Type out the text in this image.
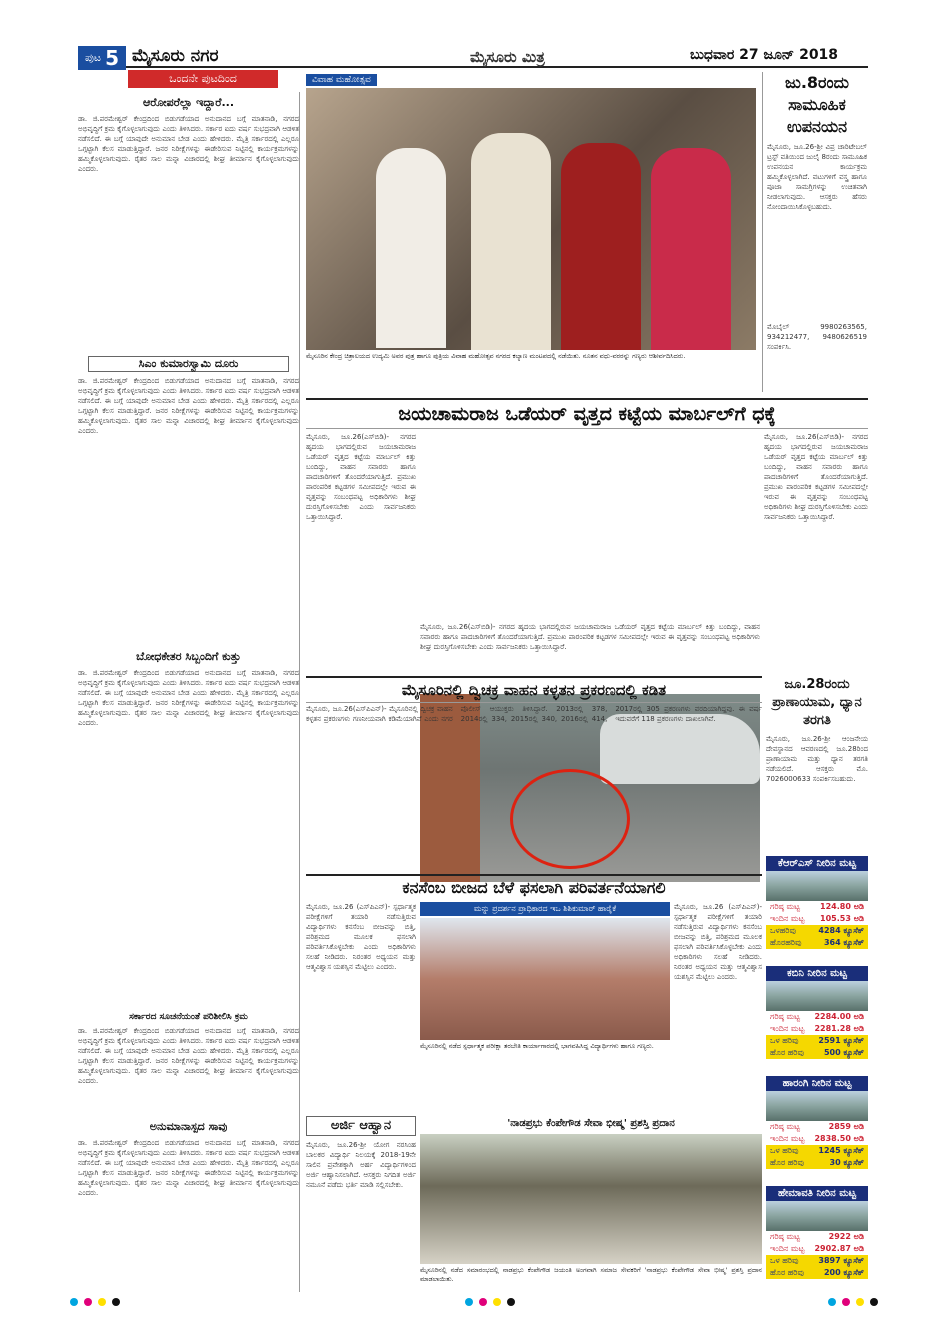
ಪುಟ 5 ಮೈಸೂರು ನಗರ	ಮೈಸೂರು ಮಿತ್ರ	ಬುಧವಾರ 27 ಜೂನ್ 2018
ಒಂದನೇ ಪುಟದಿಂದ
ಆರೋಪರೆಲ್ಲಾ ಇದ್ದಾರೆ...
ಡಾ. ಜಿ.ಪರಮೇಶ್ವರ್ ಕೇಂದ್ರದಿಂದ ಬಿಡುಗಡೆಯಾದ ಅನುದಾನದ ಬಗ್ಗೆ ಮಾತನಾಡಿ, ನಗರದ ಅಭಿವೃದ್ಧಿಗೆ ಕ್ರಮ ಕೈಗೊಳ್ಳಲಾಗುವುದು ಎಂದು ತಿಳಿಸಿದರು. ಸರ್ಕಾರ ಐದು ವರ್ಷ ಸುಭದ್ರವಾಗಿ ಆಡಳಿತ ನಡೆಸಲಿದೆ. ಈ ಬಗ್ಗೆ ಯಾವುದೇ ಅನುಮಾನ ಬೇಡ ಎಂದು ಹೇಳಿದರು. ಮೈತ್ರಿ ಸರ್ಕಾರದಲ್ಲಿ ಎಲ್ಲರೂ ಒಗ್ಗಟ್ಟಾಗಿ ಕೆಲಸ ಮಾಡುತ್ತಿದ್ದಾರೆ. ಜನರ ನಿರೀಕ್ಷೆಗಳನ್ನು ಈಡೇರಿಸುವ ನಿಟ್ಟಿನಲ್ಲಿ ಕಾರ್ಯಕ್ರಮಗಳನ್ನು ಹಮ್ಮಿಕೊಳ್ಳಲಾಗುವುದು. ರೈತರ ಸಾಲ ಮನ್ನಾ ವಿಚಾರದಲ್ಲಿ ಶೀಘ್ರ ತೀರ್ಮಾನ ಕೈಗೊಳ್ಳಲಾಗುವುದು ಎಂದರು.
ಸಿಎಂ ಕುಮಾರಸ್ವಾಮಿ ದೂರು
ಡಾ. ಜಿ.ಪರಮೇಶ್ವರ್ ಕೇಂದ್ರದಿಂದ ಬಿಡುಗಡೆಯಾದ ಅನುದಾನದ ಬಗ್ಗೆ ಮಾತನಾಡಿ, ನಗರದ ಅಭಿವೃದ್ಧಿಗೆ ಕ್ರಮ ಕೈಗೊಳ್ಳಲಾಗುವುದು ಎಂದು ತಿಳಿಸಿದರು. ಸರ್ಕಾರ ಐದು ವರ್ಷ ಸುಭದ್ರವಾಗಿ ಆಡಳಿತ ನಡೆಸಲಿದೆ. ಈ ಬಗ್ಗೆ ಯಾವುದೇ ಅನುಮಾನ ಬೇಡ ಎಂದು ಹೇಳಿದರು. ಮೈತ್ರಿ ಸರ್ಕಾರದಲ್ಲಿ ಎಲ್ಲರೂ ಒಗ್ಗಟ್ಟಾಗಿ ಕೆಲಸ ಮಾಡುತ್ತಿದ್ದಾರೆ. ಜನರ ನಿರೀಕ್ಷೆಗಳನ್ನು ಈಡೇರಿಸುವ ನಿಟ್ಟಿನಲ್ಲಿ ಕಾರ್ಯಕ್ರಮಗಳನ್ನು ಹಮ್ಮಿಕೊಳ್ಳಲಾಗುವುದು. ರೈತರ ಸಾಲ ಮನ್ನಾ ವಿಚಾರದಲ್ಲಿ ಶೀಘ್ರ ತೀರ್ಮಾನ ಕೈಗೊಳ್ಳಲಾಗುವುದು ಎಂದರು.
ಬೋಧಕೇತರ ಸಿಬ್ಬಂದಿಗೆ ಕುತ್ತು
ಡಾ. ಜಿ.ಪರಮೇಶ್ವರ್ ಕೇಂದ್ರದಿಂದ ಬಿಡುಗಡೆಯಾದ ಅನುದಾನದ ಬಗ್ಗೆ ಮಾತನಾಡಿ, ನಗರದ ಅಭಿವೃದ್ಧಿಗೆ ಕ್ರಮ ಕೈಗೊಳ್ಳಲಾಗುವುದು ಎಂದು ತಿಳಿಸಿದರು. ಸರ್ಕಾರ ಐದು ವರ್ಷ ಸುಭದ್ರವಾಗಿ ಆಡಳಿತ ನಡೆಸಲಿದೆ. ಈ ಬಗ್ಗೆ ಯಾವುದೇ ಅನುಮಾನ ಬೇಡ ಎಂದು ಹೇಳಿದರು. ಮೈತ್ರಿ ಸರ್ಕಾರದಲ್ಲಿ ಎಲ್ಲರೂ ಒಗ್ಗಟ್ಟಾಗಿ ಕೆಲಸ ಮಾಡುತ್ತಿದ್ದಾರೆ. ಜನರ ನಿರೀಕ್ಷೆಗಳನ್ನು ಈಡೇರಿಸುವ ನಿಟ್ಟಿನಲ್ಲಿ ಕಾರ್ಯಕ್ರಮಗಳನ್ನು ಹಮ್ಮಿಕೊಳ್ಳಲಾಗುವುದು. ರೈತರ ಸಾಲ ಮನ್ನಾ ವಿಚಾರದಲ್ಲಿ ಶೀಘ್ರ ತೀರ್ಮಾನ ಕೈಗೊಳ್ಳಲಾಗುವುದು ಎಂದರು.
ಸರ್ಕಾರದ ಸೂಚನೆಯಂತೆ ಪರಿಶೀಲಿಸಿ ಕ್ರಮ
ಡಾ. ಜಿ.ಪರಮೇಶ್ವರ್ ಕೇಂದ್ರದಿಂದ ಬಿಡುಗಡೆಯಾದ ಅನುದಾನದ ಬಗ್ಗೆ ಮಾತನಾಡಿ, ನಗರದ ಅಭಿವೃದ್ಧಿಗೆ ಕ್ರಮ ಕೈಗೊಳ್ಳಲಾಗುವುದು ಎಂದು ತಿಳಿಸಿದರು. ಸರ್ಕಾರ ಐದು ವರ್ಷ ಸುಭದ್ರವಾಗಿ ಆಡಳಿತ ನಡೆಸಲಿದೆ. ಈ ಬಗ್ಗೆ ಯಾವುದೇ ಅನುಮಾನ ಬೇಡ ಎಂದು ಹೇಳಿದರು. ಮೈತ್ರಿ ಸರ್ಕಾರದಲ್ಲಿ ಎಲ್ಲರೂ ಒಗ್ಗಟ್ಟಾಗಿ ಕೆಲಸ ಮಾಡುತ್ತಿದ್ದಾರೆ. ಜನರ ನಿರೀಕ್ಷೆಗಳನ್ನು ಈಡೇರಿಸುವ ನಿಟ್ಟಿನಲ್ಲಿ ಕಾರ್ಯಕ್ರಮಗಳನ್ನು ಹಮ್ಮಿಕೊಳ್ಳಲಾಗುವುದು. ರೈತರ ಸಾಲ ಮನ್ನಾ ವಿಚಾರದಲ್ಲಿ ಶೀಘ್ರ ತೀರ್ಮಾನ ಕೈಗೊಳ್ಳಲಾಗುವುದು ಎಂದರು.
ಅನುಮಾನಾಸ್ಪದ ಸಾವು
ಡಾ. ಜಿ.ಪರಮೇಶ್ವರ್ ಕೇಂದ್ರದಿಂದ ಬಿಡುಗಡೆಯಾದ ಅನುದಾನದ ಬಗ್ಗೆ ಮಾತನಾಡಿ, ನಗರದ ಅಭಿವೃದ್ಧಿಗೆ ಕ್ರಮ ಕೈಗೊಳ್ಳಲಾಗುವುದು ಎಂದು ತಿಳಿಸಿದರು. ಸರ್ಕಾರ ಐದು ವರ್ಷ ಸುಭದ್ರವಾಗಿ ಆಡಳಿತ ನಡೆಸಲಿದೆ. ಈ ಬಗ್ಗೆ ಯಾವುದೇ ಅನುಮಾನ ಬೇಡ ಎಂದು ಹೇಳಿದರು. ಮೈತ್ರಿ ಸರ್ಕಾರದಲ್ಲಿ ಎಲ್ಲರೂ ಒಗ್ಗಟ್ಟಾಗಿ ಕೆಲಸ ಮಾಡುತ್ತಿದ್ದಾರೆ. ಜನರ ನಿರೀಕ್ಷೆಗಳನ್ನು ಈಡೇರಿಸುವ ನಿಟ್ಟಿನಲ್ಲಿ ಕಾರ್ಯಕ್ರಮಗಳನ್ನು ಹಮ್ಮಿಕೊಳ್ಳಲಾಗುವುದು. ರೈತರ ಸಾಲ ಮನ್ನಾ ವಿಚಾರದಲ್ಲಿ ಶೀಘ್ರ ತೀರ್ಮಾನ ಕೈಗೊಳ್ಳಲಾಗುವುದು ಎಂದರು.
ವಿವಾಹ ಮಹೋತ್ಸವ
ಮೈಸೂರಿನ ಕೇಂದ್ರ ಚಿತ್ರಾಲಯದ ಉದ್ಯಮಿ ಅವರ ಪುತ್ರ ಹಾಗೂ ಪುತ್ರಿಯ ವಿವಾಹ ಮಹೋತ್ಸವ ನಗರದ ಕಲ್ಯಾಣ ಮಂಟಪದಲ್ಲಿ ನಡೆಯಿತು. ನೂತನ ವಧು-ವರರನ್ನು ಗಣ್ಯರು ಆಶೀರ್ವದಿಸಿದರು.
ಜು.8ರಂದು ಸಾಮೂಹಿಕ ಉಪನಯನ
ಮೈಸೂರು, ಜೂ.26-ಶ್ರೀ ವಿಪ್ರ ಚಾರಿಟೇಬಲ್ ಟ್ರಸ್ಟ್ ವತಿಯಿಂದ ಜುಲೈ 8ರಂದು ಸಾಮೂಹಿಕ ಉಪನಯನ ಕಾರ್ಯಕ್ರಮ ಹಮ್ಮಿಕೊಳ್ಳಲಾಗಿದೆ. ವಟುಗಳಿಗೆ ವಸ್ತ್ರ ಹಾಗೂ ಪೂಜಾ ಸಾಮಗ್ರಿಗಳನ್ನು ಉಚಿತವಾಗಿ ನೀಡಲಾಗುವುದು. ಆಸಕ್ತರು ಹೆಸರು ನೋಂದಾಯಿಸಿಕೊಳ್ಳಬಹುದು.
ಮೊಬೈಲ್ 9980263565, 934212477, 9480626519 ಸಂಪರ್ಕಿಸಿ.
ಜಯಚಾಮರಾಜ ಒಡೆಯರ್ ವೃತ್ತದ ಕಟ್ಟೆಯ ಮಾರ್ಬಲ್‌ಗೆ ಧಕ್ಕೆ
ಮೈಸೂರು, ಜೂ.26(ಎಸ್‌ಬಿಡಿ)- ನಗರದ ಹೃದಯ ಭಾಗದಲ್ಲಿರುವ ಜಯಚಾಮರಾಜ ಒಡೆಯರ್ ವೃತ್ತದ ಕಟ್ಟೆಯ ಮಾರ್ಬಲ್ ಕಿತ್ತು ಬಂದಿದ್ದು, ವಾಹನ ಸವಾರರು ಹಾಗೂ ಪಾದಚಾರಿಗಳಿಗೆ ತೊಂದರೆಯಾಗುತ್ತಿದೆ. ಪ್ರಮುಖ ಪಾರಂಪರಿಕ ಕಟ್ಟಡಗಳ ಸಮೀಪದಲ್ಲೇ ಇರುವ ಈ ವೃತ್ತವನ್ನು ಸಂಬಂಧಪಟ್ಟ ಅಧಿಕಾರಿಗಳು ಶೀಘ್ರ ದುರಸ್ತಿಗೊಳಿಸಬೇಕು ಎಂದು ಸಾರ್ವಜನಿಕರು ಒತ್ತಾಯಿಸಿದ್ದಾರೆ.
ಮೈಸೂರು, ಜೂ.26(ಎಸ್‌ಬಿಡಿ)- ನಗರದ ಹೃದಯ ಭಾಗದಲ್ಲಿರುವ ಜಯಚಾಮರಾಜ ಒಡೆಯರ್ ವೃತ್ತದ ಕಟ್ಟೆಯ ಮಾರ್ಬಲ್ ಕಿತ್ತು ಬಂದಿದ್ದು, ವಾಹನ ಸವಾರರು ಹಾಗೂ ಪಾದಚಾರಿಗಳಿಗೆ ತೊಂದರೆಯಾಗುತ್ತಿದೆ. ಪ್ರಮುಖ ಪಾರಂಪರಿಕ ಕಟ್ಟಡಗಳ ಸಮೀಪದಲ್ಲೇ ಇರುವ ಈ ವೃತ್ತವನ್ನು ಸಂಬಂಧಪಟ್ಟ ಅಧಿಕಾರಿಗಳು ಶೀಘ್ರ ದುರಸ್ತಿಗೊಳಿಸಬೇಕು ಎಂದು ಸಾರ್ವಜನಿಕರು ಒತ್ತಾಯಿಸಿದ್ದಾರೆ.
ಮೈಸೂರು, ಜೂ.26(ಎಸ್‌ಬಿಡಿ)- ನಗರದ ಹೃದಯ ಭಾಗದಲ್ಲಿರುವ ಜಯಚಾಮರಾಜ ಒಡೆಯರ್ ವೃತ್ತದ ಕಟ್ಟೆಯ ಮಾರ್ಬಲ್ ಕಿತ್ತು ಬಂದಿದ್ದು, ವಾಹನ ಸವಾರರು ಹಾಗೂ ಪಾದಚಾರಿಗಳಿಗೆ ತೊಂದರೆಯಾಗುತ್ತಿದೆ. ಪ್ರಮುಖ ಪಾರಂಪರಿಕ ಕಟ್ಟಡಗಳ ಸಮೀಪದಲ್ಲೇ ಇರುವ ಈ ವೃತ್ತವನ್ನು ಸಂಬಂಧಪಟ್ಟ ಅಧಿಕಾರಿಗಳು ಶೀಘ್ರ ದುರಸ್ತಿಗೊಳಿಸಬೇಕು ಎಂದು ಸಾರ್ವಜನಿಕರು ಒತ್ತಾಯಿಸಿದ್ದಾರೆ.
ಮೈಸೂರಿನಲ್ಲಿ ದ್ವಿಚಕ್ರ ವಾಹನ ಕಳ್ಳತನ ಪ್ರಕರಣದಲ್ಲಿ ಕಡಿತ
ಮೈಸೂರು, ಜೂ.26(ಎಸ್‌ಪಿಎನ್)- ಮೈಸೂರಿನಲ್ಲಿ ದ್ವಿಚಕ್ರ ವಾಹನ ಕಳ್ಳತನ ಪ್ರಕರಣಗಳು ಗಣನೀಯವಾಗಿ ಕಡಿಮೆಯಾಗಿವೆ ಎಂದು ನಗರ ಪೊಲೀಸ್ ಆಯುಕ್ತರು ತಿಳಿಸಿದ್ದಾರೆ. 2013ರಲ್ಲಿ 378, 2014ರಲ್ಲಿ 334, 2015ರಲ್ಲಿ 340, 2016ರಲ್ಲಿ 414, 2017ರಲ್ಲಿ 305 ಪ್ರಕರಣಗಳು ವರದಿಯಾಗಿದ್ದವು. ಈ ವರ್ಷ ಇದುವರೆಗೆ 118 ಪ್ರಕರಣಗಳು ದಾಖಲಾಗಿವೆ.
ಜೂ.28ರಂದು ಪ್ರಾಣಾಯಾಮ, ಧ್ಯಾನ ತರಗತಿ
ಮೈಸೂರು, ಜೂ.26-ಶ್ರೀ ಆಂಜನೇಯ ದೇವಸ್ಥಾನದ ಆವರಣದಲ್ಲಿ ಜೂ.28ರಿಂದ ಪ್ರಾಣಾಯಾಮ ಮತ್ತು ಧ್ಯಾನ ತರಗತಿ ನಡೆಯಲಿದೆ. ಆಸಕ್ತರು ಮೊ. 7026000633 ಸಂಪರ್ಕಿಸಬಹುದು.
ಕನಸೆಂಬ ಬೀಜದ ಬೆಳೆ ಫಸಲಾಗಿ ಪರಿವರ್ತನೆಯಾಗಲಿ
ಮೈಸೂರು, ಜೂ.26 (ಎಸ್‌ಪಿಎನ್)- ಸ್ಪರ್ಧಾತ್ಮಕ ಪರೀಕ್ಷೆಗಳಿಗೆ ತಯಾರಿ ನಡೆಸುತ್ತಿರುವ ವಿದ್ಯಾರ್ಥಿಗಳು ಕನಸೆಂಬ ಬೀಜವನ್ನು ಬಿತ್ತಿ, ಪರಿಶ್ರಮದ ಮೂಲಕ ಫಸಲಾಗಿ ಪರಿವರ್ತಿಸಿಕೊಳ್ಳಬೇಕು ಎಂದು ಅಧಿಕಾರಿಗಳು ಸಲಹೆ ನೀಡಿದರು. ನಿರಂತರ ಅಧ್ಯಯನ ಮತ್ತು ಆತ್ಮವಿಶ್ವಾಸ ಯಶಸ್ಸಿನ ಮೆಟ್ಟಿಲು ಎಂದರು.
ಮನ್ನು ಪ್ರದರ್ಶನ ಪ್ರಾಧಿಕಾರದ ಇಒ ಶಿಶಿಕುಮಾರ್ ಹಾರೈಕೆ
ಮೈಸೂರಿನಲ್ಲಿ ನಡೆದ ಸ್ಪರ್ಧಾತ್ಮಕ ಪರೀಕ್ಷಾ ತರಬೇತಿ ಕಾರ್ಯಾಗಾರದಲ್ಲಿ ಭಾಗವಹಿಸಿದ್ದ ವಿದ್ಯಾರ್ಥಿಗಳು ಹಾಗೂ ಗಣ್ಯರು.
ಮೈಸೂರು, ಜೂ.26 (ಎಸ್‌ಪಿಎನ್)- ಸ್ಪರ್ಧಾತ್ಮಕ ಪರೀಕ್ಷೆಗಳಿಗೆ ತಯಾರಿ ನಡೆಸುತ್ತಿರುವ ವಿದ್ಯಾರ್ಥಿಗಳು ಕನಸೆಂಬ ಬೀಜವನ್ನು ಬಿತ್ತಿ, ಪರಿಶ್ರಮದ ಮೂಲಕ ಫಸಲಾಗಿ ಪರಿವರ್ತಿಸಿಕೊಳ್ಳಬೇಕು ಎಂದು ಅಧಿಕಾರಿಗಳು ಸಲಹೆ ನೀಡಿದರು. ನಿರಂತರ ಅಧ್ಯಯನ ಮತ್ತು ಆತ್ಮವಿಶ್ವಾಸ ಯಶಸ್ಸಿನ ಮೆಟ್ಟಿಲು ಎಂದರು.
ಅರ್ಜಿ ಆಹ್ವಾನ
ಮೈಸೂರು, ಜೂ.26-ಶ್ರೀ ಯೋಗ ನರಸಿಂಹ ಬಾಲಕರ ವಿದ್ಯಾರ್ಥಿ ನಿಲಯಕ್ಕೆ 2018-19ನೇ ಸಾಲಿನ ಪ್ರವೇಶಕ್ಕಾಗಿ ಅರ್ಹ ವಿದ್ಯಾರ್ಥಿಗಳಿಂದ ಅರ್ಜಿ ಆಹ್ವಾನಿಸಲಾಗಿದೆ. ಆಸಕ್ತರು ನಿಗದಿತ ಅರ್ಜಿ ನಮೂನೆ ಪಡೆದು ಭರ್ತಿ ಮಾಡಿ ಸಲ್ಲಿಸಬೇಕು.
'ನಾಡಪ್ರಭು ಕೆಂಪೇಗೌಡ ಸೇವಾ ಭೀಷ್ಮ' ಪ್ರಶಸ್ತಿ ಪ್ರದಾನ
ಮೈಸೂರಿನಲ್ಲಿ ನಡೆದ ಸಮಾರಂಭದಲ್ಲಿ ನಾಡಪ್ರಭು ಕೆಂಪೇಗೌಡ ಜಯಂತಿ ಅಂಗವಾಗಿ ಸಮಾಜ ಸೇವಕರಿಗೆ 'ನಾಡಪ್ರಭು ಕೆಂಪೇಗೌಡ ಸೇವಾ ಭೀಷ್ಮ' ಪ್ರಶಸ್ತಿ ಪ್ರದಾನ ಮಾಡಲಾಯಿತು.
ಕೆಆರ್‌ಎಸ್ ನೀರಿನ ಮಟ್ಟ
ಗರಿಷ್ಠ ಮಟ್ಟ	124.80 ಅಡಿ
ಇಂದಿನ ಮಟ್ಟ 105.53 ಅಡಿ
ಒಳಹರಿವು	4284 ಕ್ಯೂಸೆಕ್
ಹೊರಹರಿವು	364 ಕ್ಯೂಸೆಕ್
ಕಬಿನಿ ನೀರಿನ ಮಟ್ಟ
ಗರಿಷ್ಠ ಮಟ್ಟ 2284.00 ಅಡಿ
ಇಂದಿನ ಮಟ್ಟ 2281.28 ಅಡಿ
ಒಳ ಹರಿವು 2591 ಕ್ಯೂಸೆಕ್
ಹೊರ ಹರಿವು 500 ಕ್ಯೂಸೆಕ್
ಹಾರಂಗಿ ನೀರಿನ ಮಟ್ಟ
ಗರಿಷ್ಠ ಮಟ್ಟ	2859 ಅಡಿ
ಇಂದಿನ ಮಟ್ಟ 2838.50 ಅಡಿ
ಒಳ ಹರಿವು 1245 ಕ್ಯೂಸೆಕ್
ಹೊರ ಹರಿವು	30 ಕ್ಯೂಸೆಕ್
ಹೇಮಾವತಿ ನೀರಿನ ಮಟ್ಟ
ಗರಿಷ್ಠ ಮಟ್ಟ	2922 ಅಡಿ
ಇಂದಿನ ಮಟ್ಟ 2902.87 ಅಡಿ
ಒಳ ಹರಿವು 3897 ಕ್ಯೂಸೆಕ್
ಹೊರ ಹರಿವು 200 ಕ್ಯೂಸೆಕ್
